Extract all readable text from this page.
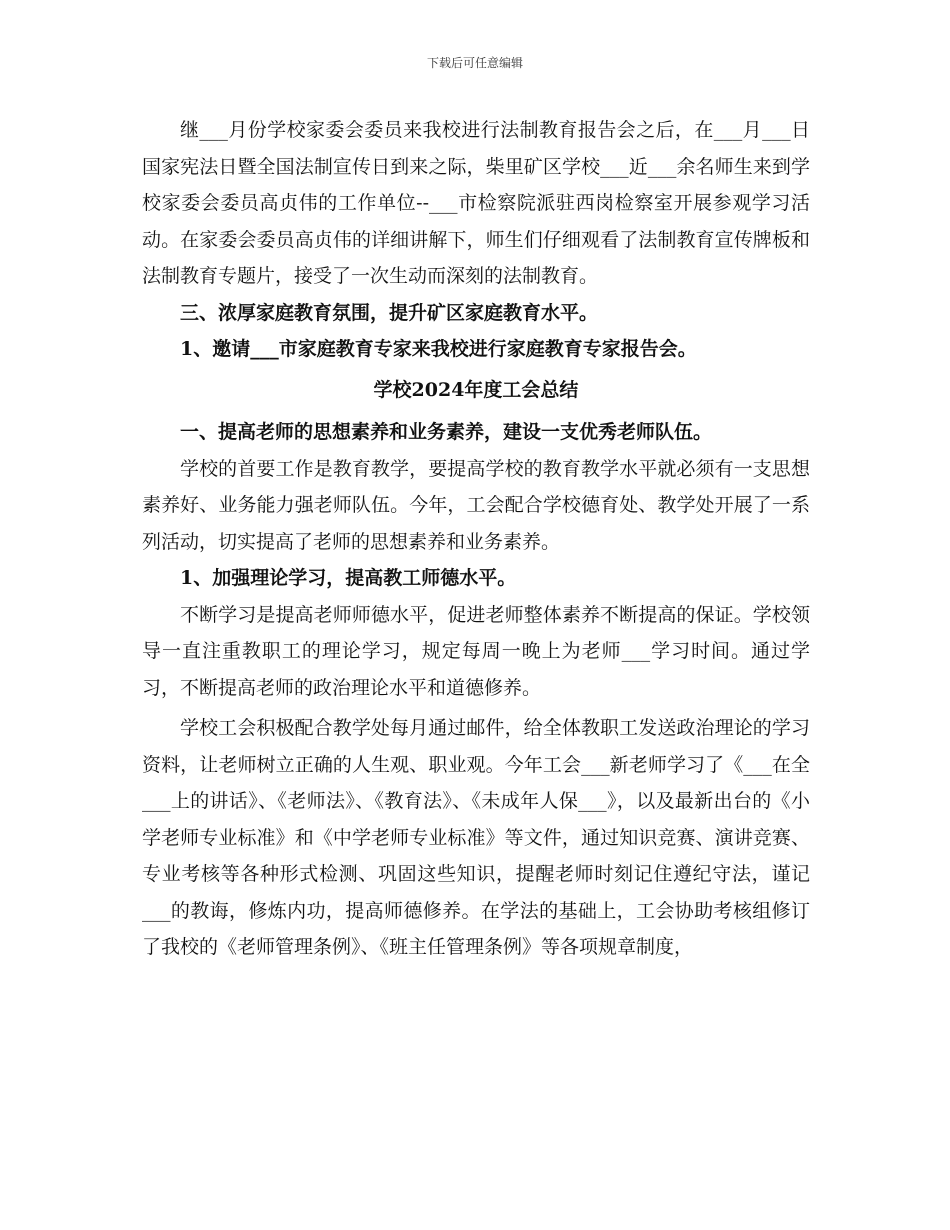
下载后可任意编辑

继___月份学校家委会委员来我校进行法制教育报告会之后，在___月___日国家宪法日暨全国法制宣传日到来之际，柴里矿区学校___近___余名师生来到学校家委会委员高贞伟的工作单位--___市检察院派驻西岗检察室开展参观学习活动。在家委会委员高贞伟的详细讲解下，师生们仔细观看了法制教育宣传牌板和法制教育专题片，接受了一次生动而深刻的法制教育。

三、浓厚家庭教育氛围，提升矿区家庭教育水平。

1、邀请___市家庭教育专家来我校进行家庭教育专家报告会。

学校2024年度工会总结

一、提高老师的思想素养和业务素养，建设一支优秀老师队伍。

学校的首要工作是教育教学，要提高学校的教育教学水平就必须有一支思想素养好、业务能力强老师队伍。今年，工会配合学校德育处、教学处开展了一系列活动，切实提高了老师的思想素养和业务素养。

1、加强理论学习，提高教工师德水平。

不断学习是提高老师师德水平，促进老师整体素养不断提高的保证。学校领导一直注重教职工的理论学习，规定每周一晚上为老师___学习时间。通过学习，不断提高老师的政治理论水平和道德修养。

学校工会积极配合教学处每月通过邮件，给全体教职工发送政治理论的学习资料，让老师树立正确的人生观、职业观。今年工会___新老师学习了《___在全___上的讲话》、《老师法》、《教育法》、《未成年人保___》，以及最新出台的《小学老师专业标准》和《中学老师专业标准》等文件，通过知识竞赛、演讲竞赛、专业考核等各种形式检测、巩固这些知识，提醒老师时刻记住遵纪守法，谨记___的教诲，修炼内功，提高师德修养。在学法的基础上，工会协助考核组修订了我校的《老师管理条例》、《班主任管理条例》等各项规章制度，
